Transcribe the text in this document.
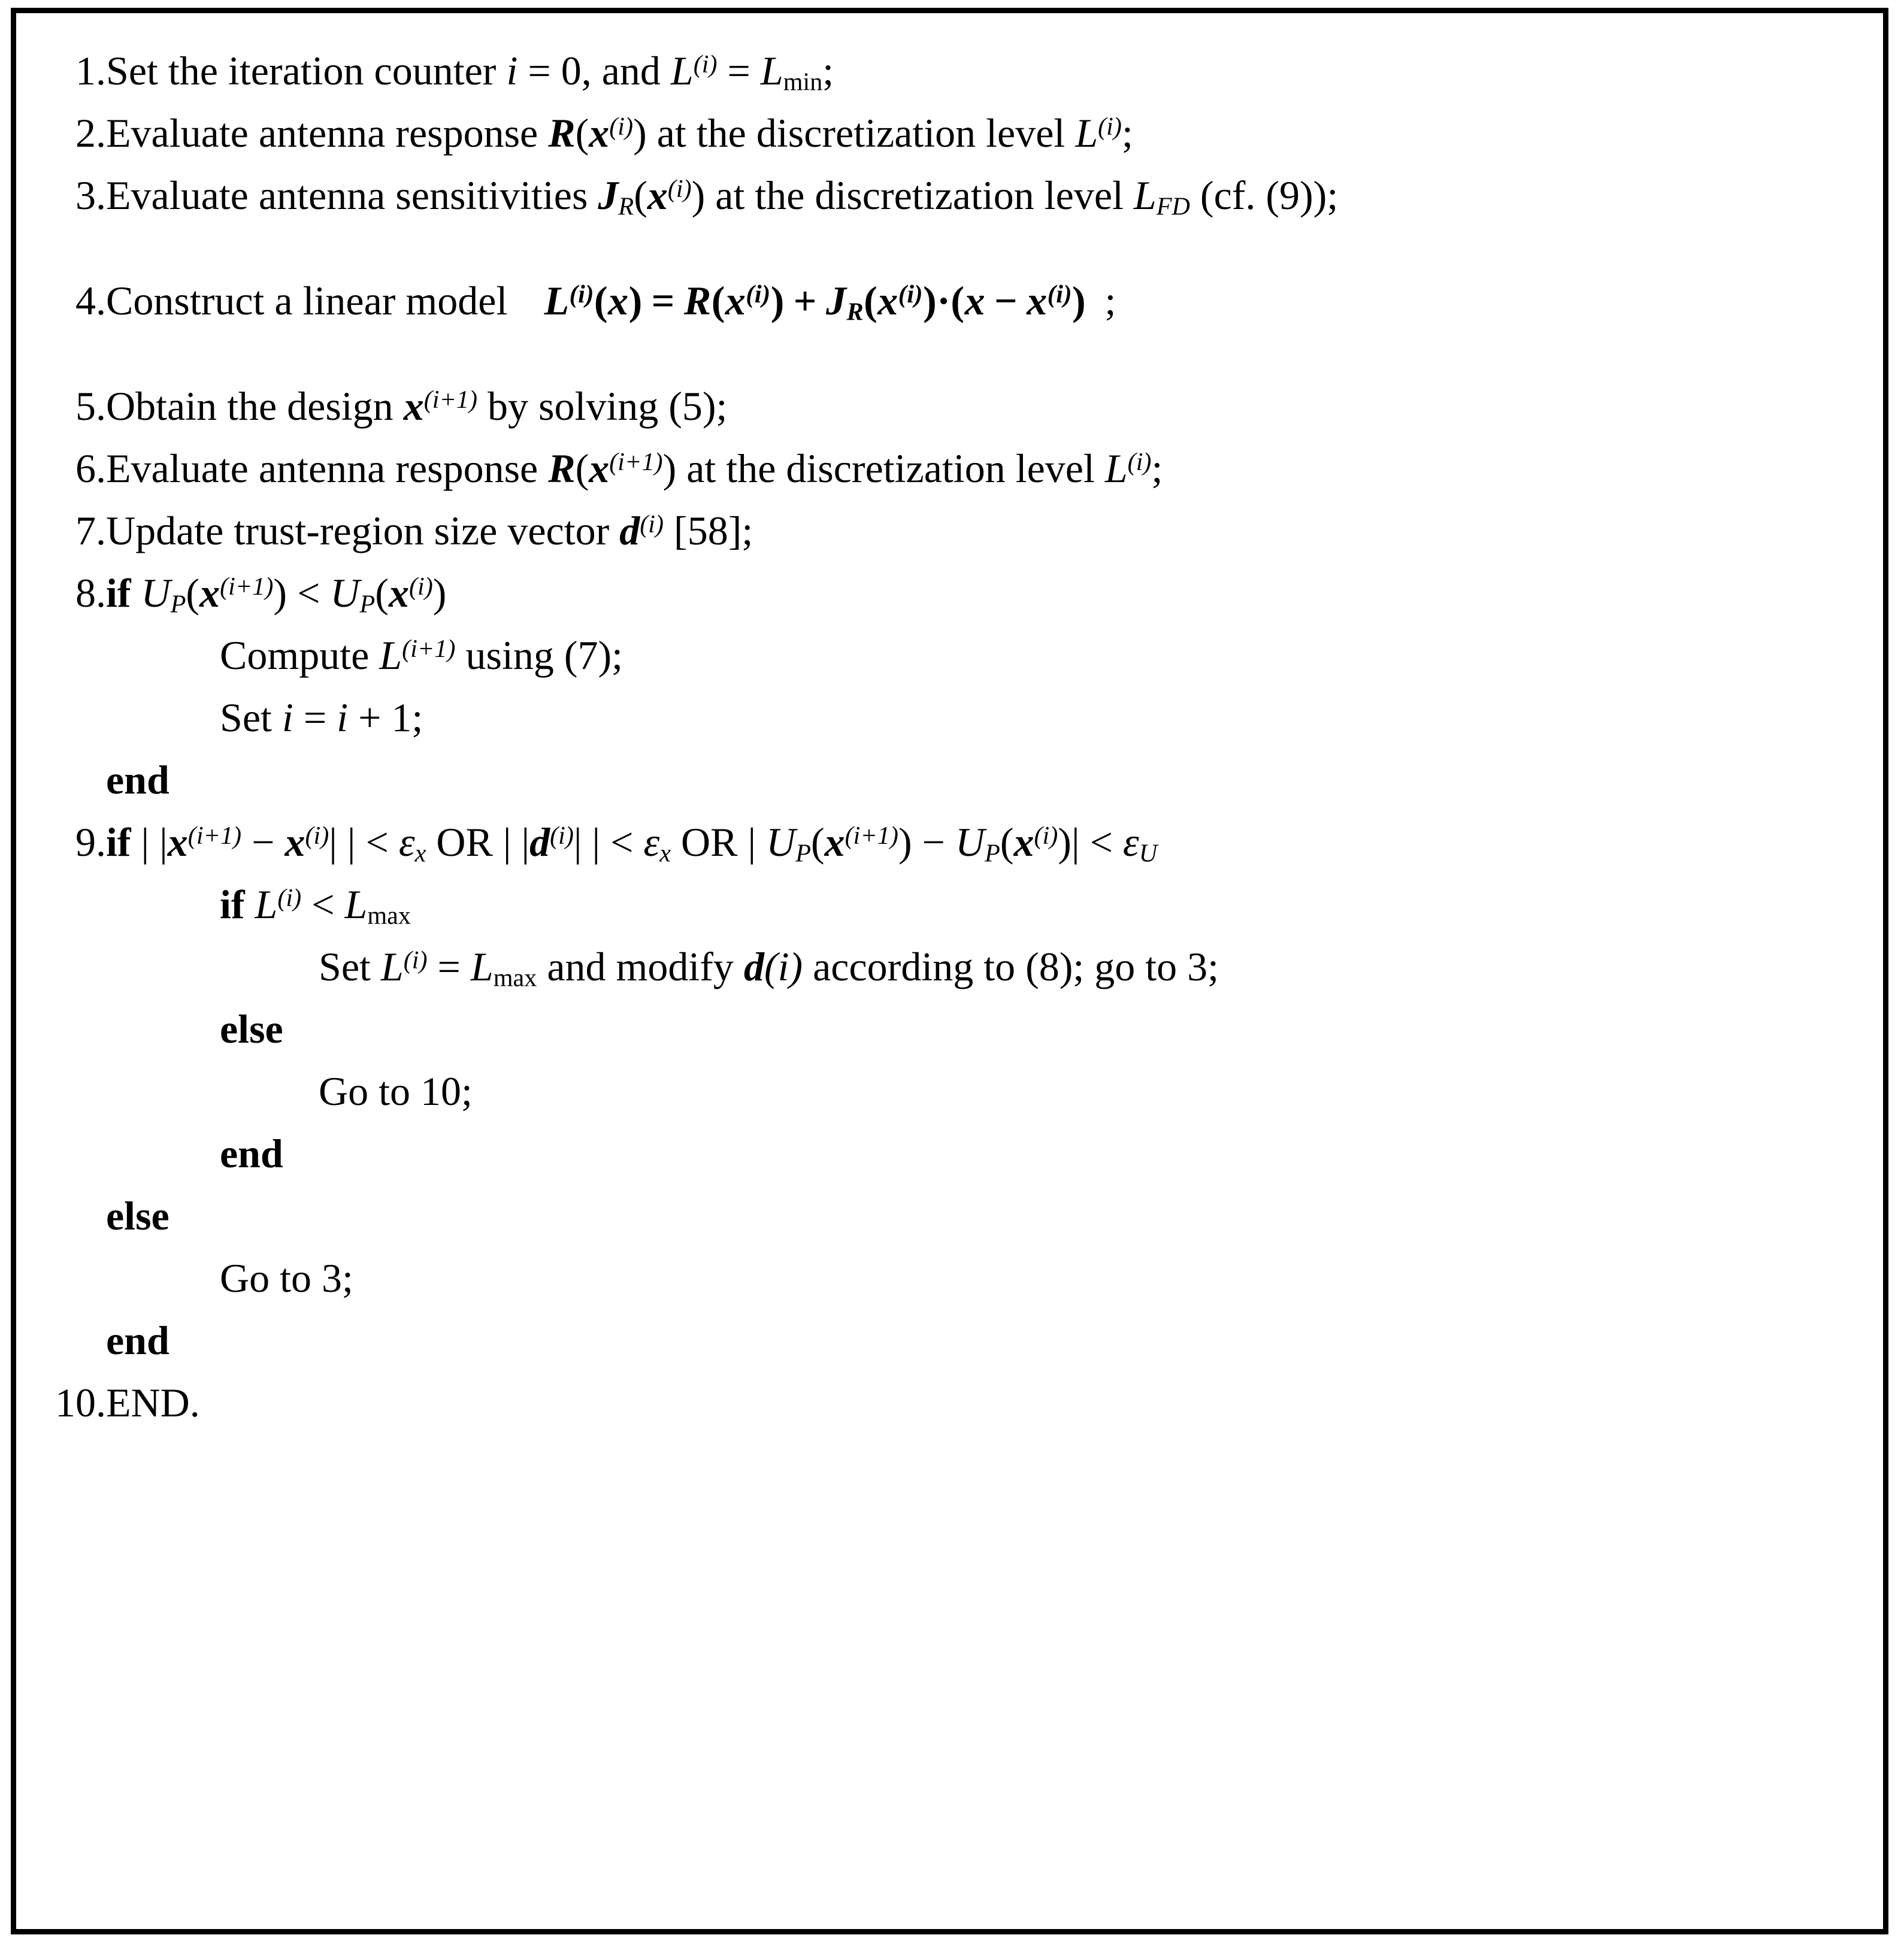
1. Set the iteration counter i = 0, and $L^{(i)} = L_{min}$;
2. Evaluate antenna response $R(x^{(i)})$ at the discretization level $L^{(i)}$;
3. Evaluate antenna sensitivities $J_R(x^{(i)})$ at the discretization level $L_{FD}$ (cf. (9));
4. Construct a linear model $L^{(i)}(x) = R(x^{(i)}) + J_R(x^{(i)})\cdot(x - x^{(i)})$ ;
5. Obtain the design $x^{(i+1)}$ by solving (5);
6. Evaluate antenna response $R(x^{(i+1)})$ at the discretization level $L^{(i)}$;
7. Update trust-region size vector $d^{(i)}$ [58];
8. if $U_P(x^{(i+1)}) < U_P(x^{(i)})$
Compute $L^{(i+1)}$ using (7);
Set i = i + 1;
end
9. if | $|x^{(i+1)} - x^{(i)}|$ | < $\varepsilon_x$ OR | $|d^{(i)}|$ | < $\varepsilon_x$ OR | $U_P(x^{(i+1)}) - U_P(x^{(i)})| < \varepsilon_U$
if $L^{(i)} < L_{max}$
Set $L^{(i)} = L_{max}$ and modify d(i) according to (8); go to 3;
else
Go to 10;
end
else
Go to 3;
end
10. END.
